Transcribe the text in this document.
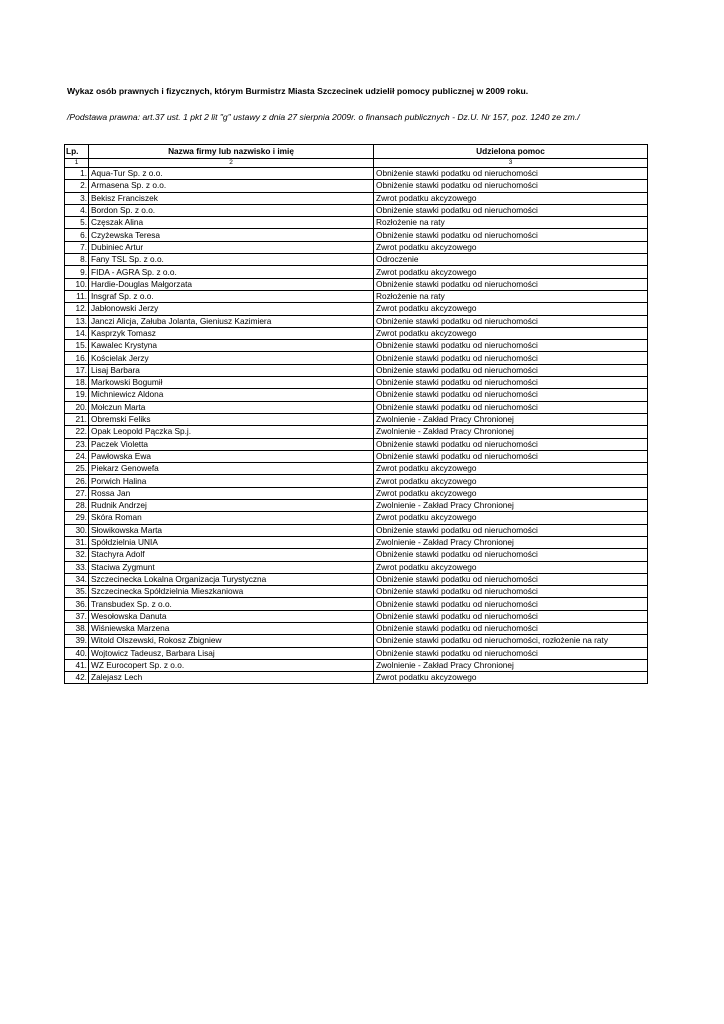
Wykaz osób prawnych i fizycznych, którym Burmistrz Miasta Szczecinek udzielił pomocy publicznej w 2009 roku.

/Podstawa prawna: art.37 ust. 1 pkt 2 lit "g" ustawy z dnia 27 sierpnia 2009r. o finansach publicznych - Dz.U. Nr 157, poz. 1240 ze zm./

Lp.	Nazwa firmy lub nazwisko i imię	Udzielona pomoc
1	2	3
1.	Aqua-Tur Sp. z o.o.	Obniżenie stawki podatku od nieruchomości
2.	Armasena Sp. z o.o.	Obniżenie stawki podatku od nieruchomości
3.	Bekisz Franciszek	Zwrot podatku akcyzowego
4.	Bordon Sp. z o.o.	Obniżenie stawki podatku od nieruchomości
5.	Częszak Alina	Rozłożenie na raty
6.	Czyżewska Teresa	Obniżenie stawki podatku od nieruchomości
7.	Dubiniec Artur	Zwrot podatku akcyzowego
8.	Fany TSL Sp. z o.o.	Odroczenie
9.	FIDA - AGRA Sp. z o.o.	Zwrot podatku akcyzowego
10.	Hardie-Douglas Małgorzata	Obniżenie stawki podatku od nieruchomości
11.	Insgraf Sp. z o.o.	Rozłożenie na raty
12.	Jabłonowski Jerzy	Zwrot podatku akcyzowego
13.	Janczi Alicja, Załuba Jolanta, Gieniusz Kazimiera	Obniżenie stawki podatku od nieruchomości
14.	Kasprzyk Tomasz	Zwrot podatku akcyzowego
15.	Kawalec Krystyna	Obniżenie stawki podatku od nieruchomości
16.	Kościelak Jerzy	Obniżenie stawki podatku od nieruchomości
17.	Lisaj Barbara	Obniżenie stawki podatku od nieruchomości
18.	Markowski Bogumił	Obniżenie stawki podatku od nieruchomości
19.	Michniewicz Aldona	Obniżenie stawki podatku od nieruchomości
20.	Mołczun Marta	Obniżenie stawki podatku od nieruchomości
21.	Obremski Feliks	Zwolnienie - Zakład Pracy Chronionej
22.	Opak Leopold Pączka Sp.j.	Zwolnienie - Zakład Pracy Chronionej
23.	Paczek Violetta	Obniżenie stawki podatku od nieruchomości
24.	Pawłowska Ewa	Obniżenie stawki podatku od nieruchomości
25.	Piekarz Genowefa	Zwrot podatku akcyzowego
26.	Porwich Halina	Zwrot podatku akcyzowego
27.	Rossa Jan	Zwrot podatku akcyzowego
28.	Rudnik Andrzej	Zwolnienie - Zakład Pracy Chronionej
29.	Skóra Roman	Zwrot podatku akcyzowego
30.	Słowikowska Marta	Obniżenie stawki podatku od nieruchomości
31.	Spółdzielnia UNIA	Zwolnienie - Zakład Pracy Chronionej
32.	Stachyra Adolf	Obniżenie stawki podatku od nieruchomości
33.	Staciwa Zygmunt	Zwrot podatku akcyzowego
34.	Szczecinecka Lokalna Organizacja Turystyczna	Obniżenie stawki podatku od nieruchomości
35.	Szczecinecka Spółdzielnia Mieszkaniowa	Obniżenie stawki podatku od nieruchomości
36.	Transbudex Sp. z o.o.	Obniżenie stawki podatku od nieruchomości
37.	Wesołowska Danuta	Obniżenie stawki podatku od nieruchomości
38.	Wiśniewska Marzena	Obniżenie stawki podatku od nieruchomości
39.	Witold Olszewski, Rokosz Zbigniew	Obniżenie stawki podatku od nieruchomości, rozłożenie na raty
40.	Wojtowicz Tadeusz, Barbara Lisaj	Obniżenie stawki podatku od nieruchomości
41.	WZ Eurocopert Sp. z o.o.	Zwolnienie - Zakład Pracy Chronionej
42.	Zalejasz Lech	Zwrot podatku akcyzowego
